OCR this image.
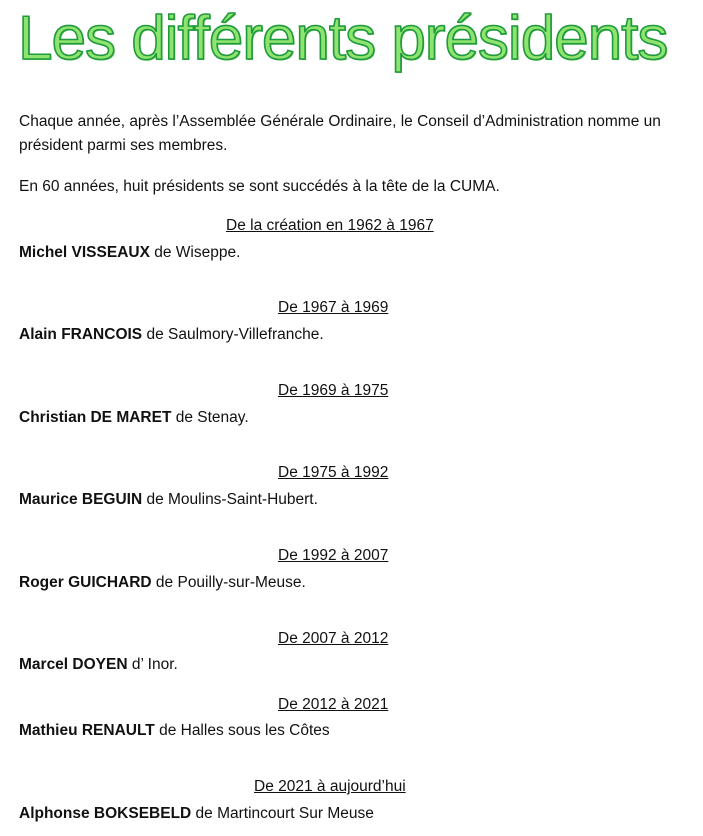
Les différents présidents
Chaque année, après l’Assemblée Générale Ordinaire, le Conseil d’Administration nomme un président parmi ses membres.
En 60 années, huit présidents se sont succédés à la tête de la CUMA.
De la création en 1962 à 1967
Michel VISSEAUX de Wiseppe.
De 1967 à 1969
Alain FRANCOIS de Saulmory-Villefranche.
De 1969 à 1975
Christian DE MARET de Stenay.
De 1975 à 1992
Maurice BEGUIN de Moulins-Saint-Hubert.
De 1992 à 2007
Roger GUICHARD de Pouilly-sur-Meuse.
De 2007 à 2012
Marcel DOYEN d’ Inor.
De 2012 à 2021
Mathieu RENAULT de Halles sous les Côtes
De 2021 à aujourd’hui
Alphonse BOKSEBELD de Martincourt Sur Meuse
